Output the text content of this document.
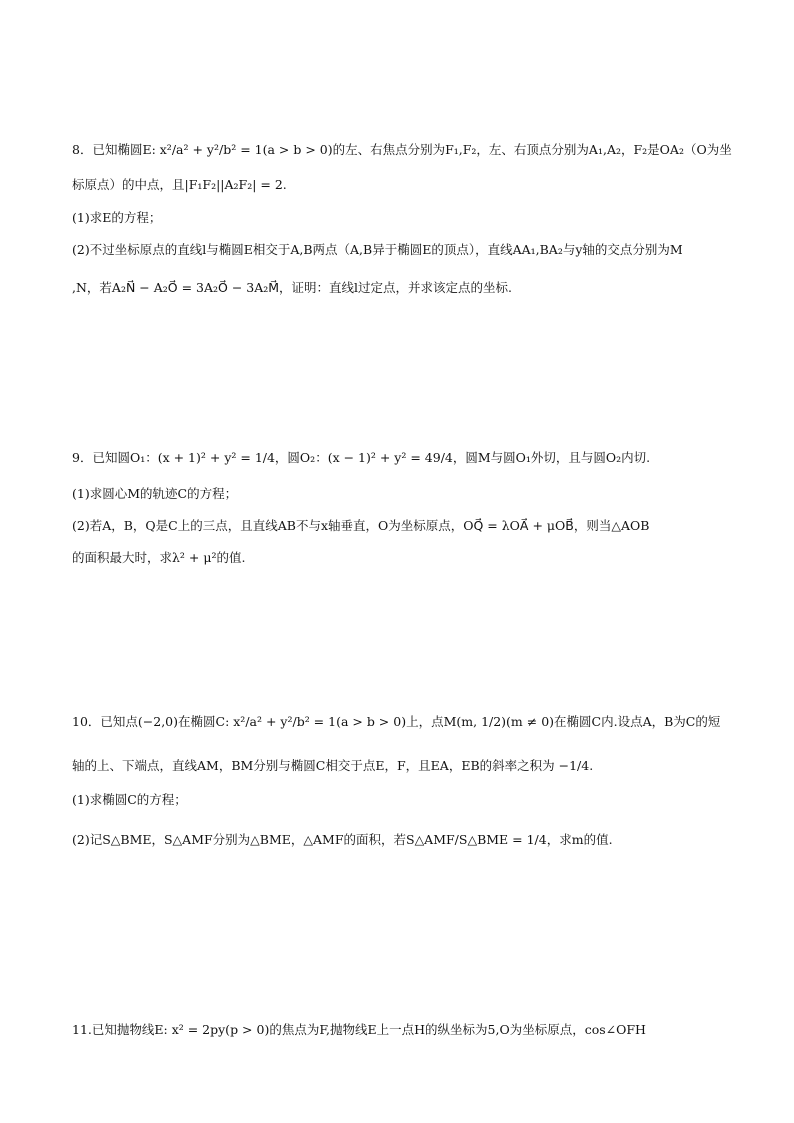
8．已知椭圆E: x²/a² + y²/b² = 1(a > b > 0)的左、右焦点分别为F₁,F₂，左、右顶点分别为A₁,A₂，F₂是OA₂（O为坐
标原点）的中点，且|F₁F₂||A₂F₂| = 2.
(1)求E的方程；
(2)不过坐标原点的直线l与椭圆E相交于A,B两点（A,B异于椭圆E的顶点），直线AA₁,BA₂与y轴的交点分别为M
,N，若A₂N⃗ − A₂O⃗ = 3A₂O⃗ − 3A₂M⃗，证明：直线l过定点，并求该定点的坐标.
9．已知圆O₁：(x + 1)² + y² = 1/4，圆O₂：(x − 1)² + y² = 49/4，圆M与圆O₁外切，且与圆O₂内切.
(1)求圆心M的轨迹C的方程；
(2)若A，B，Q是C上的三点，且直线AB不与x轴垂直，O为坐标原点，OQ⃗ = λOA⃗ + μOB⃗，则当△AOB
的面积最大时，求λ² + μ²的值.
10．已知点(−2,0)在椭圆C: x²/a² + y²/b² = 1(a > b > 0)上，点M(m, 1/2)(m ≠ 0)在椭圆C内.设点A，B为C的短
轴的上、下端点，直线AM，BM分别与椭圆C相交于点E，F，且EA，EB的斜率之积为 −1/4.
(1)求椭圆C的方程；
(2)记S△BME，S△AMF分别为△BME，△AMF的面积，若S△AMF/S△BME = 1/4，求m的值.
11.已知抛物线E: x² = 2py(p > 0)的焦点为F,抛物线E上一点H的纵坐标为5,O为坐标原点，cos∠OFH
